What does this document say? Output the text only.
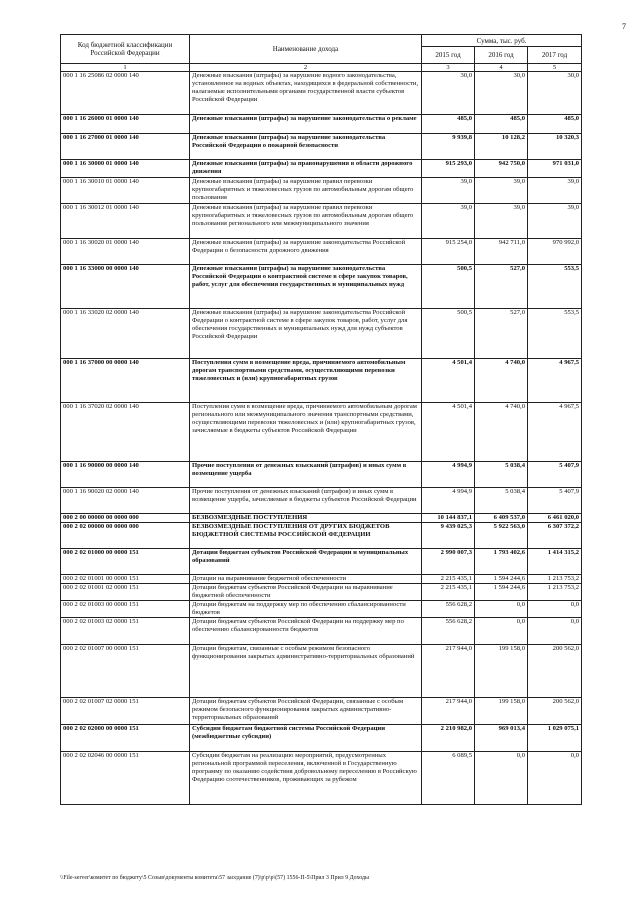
7
Код бюджетной классификации Российской Федерации	Наименование дохода	Сумма, тыс. руб.		
		2015 год	2016 год	2017 год
1	2	3	4	5
000 1 16 25086 02 0000 140	Денежные взыскания (штрафы) за нарушение водного законодательства, установленное на водных объектах, находящихся в федеральной собственности, налагаемые исполнительными органами государственной власти субъектов Российской Федерации	30,0	30,0	30,0
000 1 16 26000 01 0000 140	Денежные взыскания (штрафы) за нарушение законодательства о рекламе	485,0	485,0	485,0
000 1 16 27000 01 0000 140	Денежные взыскания (штрафы) за нарушение законодательства Российской Федерации о пожарной безопасности	9 939,8	10 128,2	10 320,3
000 1 16 30000 01 0000 140	Денежные взыскания (штрафы) за правонарушения в области дорожного движения	915 293,0	942 750,0	971 031,0
000 1 16 30010 01 0000 140	Денежные взыскания (штрафы) за нарушение правил перевозки крупногабаритных и тяжеловесных грузов по автомобильным дорогам общего пользования	39,0	39,0	39,0
000 1 16 30012 01 0000 140	Денежные взыскания (штрафы) за нарушение правил перевозки крупногабаритных и тяжеловесных грузов по автомобильным дорогам общего пользования регионального или межмуниципального значения	39,0	39,0	39,0
000 1 16 30020 01 0000 140	Денежные взыскания (штрафы) за нарушение законодательства Российской Федерации о безопасности дорожного движения	915 254,0	942 711,0	970 992,0
000 1 16 33000 00 0000 140	Денежные взыскания (штрафы) за нарушение законодательства Российской Федерации о контрактной системе в сфере закупок товаров, работ, услуг для обеспечения государственных и муниципальных нужд	500,5	527,0	553,5
000 1 16 33020 02 0000 140	Денежные взыскания (штрафы) за нарушение законодательства Российской Федерации о контрактной системе в сфере закупок товаров, работ, услуг для обеспечения государственных и муниципальных нужд для нужд субъектов Российской Федерации	500,5	527,0	553,5
000 1 16 37000 00 0000 140	Поступления сумм в возмещение вреда, причиняемого автомобильным дорогам транспортными средствами, осуществляющими перевозки тяжеловесных и (или) крупногабаритных грузов	4 501,4	4 740,0	4 967,5
000 1 16 37020 02 0000 140	Поступления сумм в возмещение вреда, причиняемого автомобильным дорогам регионального или межмуниципального значения транспортными средствами, осуществляющими перевозки тяжеловесных и (или) крупногабаритных грузов, зачисляемые в бюджеты субъектов Российской Федерации	4 501,4	4 740,0	4 967,5
000 1 16 90000 00 0000 140	Прочие поступления от денежных взысканий (штрафов) и иных сумм в возмещение ущерба	4 994,9	5 038,4	5 407,9
000 1 16 90020 02 0000 140	Прочие поступления от денежных взысканий (штрафов) и иных сумм в возмещение ущерба, зачисляемые в бюджеты субъектов Российской Федерации	4 994,9	5 038,4	5 407,9
000 2 00 00000 00 0000 000	БЕЗВОЗМЕЗДНЫЕ ПОСТУПЛЕНИЯ	10 144 837,1	6 409 537,0	6 461 020,0
000 2 02 00000 00 0000 000	БЕЗВОЗМЕЗДНЫЕ ПОСТУПЛЕНИЯ ОТ ДРУГИХ БЮДЖЕТОВ БЮДЖЕТНОЙ СИСТЕМЫ РОССИЙСКОЙ ФЕДЕРАЦИИ	9 439 025,3	5 922 563,0	6 307 372,2
000 2 02 01000 00 0000 151	Дотации бюджетам субъектов Российской Федерации и муниципальных образований	2 990 007,3	1 793 402,6	1 414 315,2
000 2 02 01001 00 0000 151	Дотации на выравнивание бюджетной обеспеченности	2 215 435,1	1 594 244,6	1 213 753,2
000 2 02 01001 02 0000 151	Дотации бюджетам субъектов Российской Федерации на выравнивание бюджетной обеспеченности	2 215 435,1	1 594 244,6	1 213 753,2
000 2 02 01003 00 0000 151	Дотации бюджетам на поддержку мер по обеспечению сбалансированности бюджетов	556 628,2	0,0	0,0
000 2 02 01003 02 0000 151	Дотации бюджетам субъектов Российской Федерации на поддержку мер по обеспечению сбалансированности бюджетов	556 628,2	0,0	0,0
000 2 02 01007 00 0000 151	Дотации бюджетам, связанные с особым режимом безопасного функционирования закрытых административно-территориальных образований	217 944,0	199 158,0	200 562,0
000 2 02 01007 02 0000 151	Дотации бюджетам субъектов Российской Федерации, связанные с особым режимом безопасного функционирования закрытых административно-территориальных образований	217 944,0	199 158,0	200 562,0
000 2 02 02000 00 0000 151	Субсидии бюджетам бюджетной системы Российской Федерации (межбюджетные субсидии)	2 210 982,0	969 013,4	1 029 075,1
000 2 02 02046 00 0000 151	Субсидии бюджетам на реализацию мероприятий, предусмотренных региональной программой переселения, включенной в Государственную программу по оказанию содействия добровольному переселению в Российскую Федерацию соотечественников, проживающих за рубежом	6 089,5	0,0	0,0
\\File-server\комитет по бюджету\5 Созыв\документы комитета\57 заседание (7)\р\р\р\(57) 1556-П-5\Прил 3 Прил 9 Доходы
